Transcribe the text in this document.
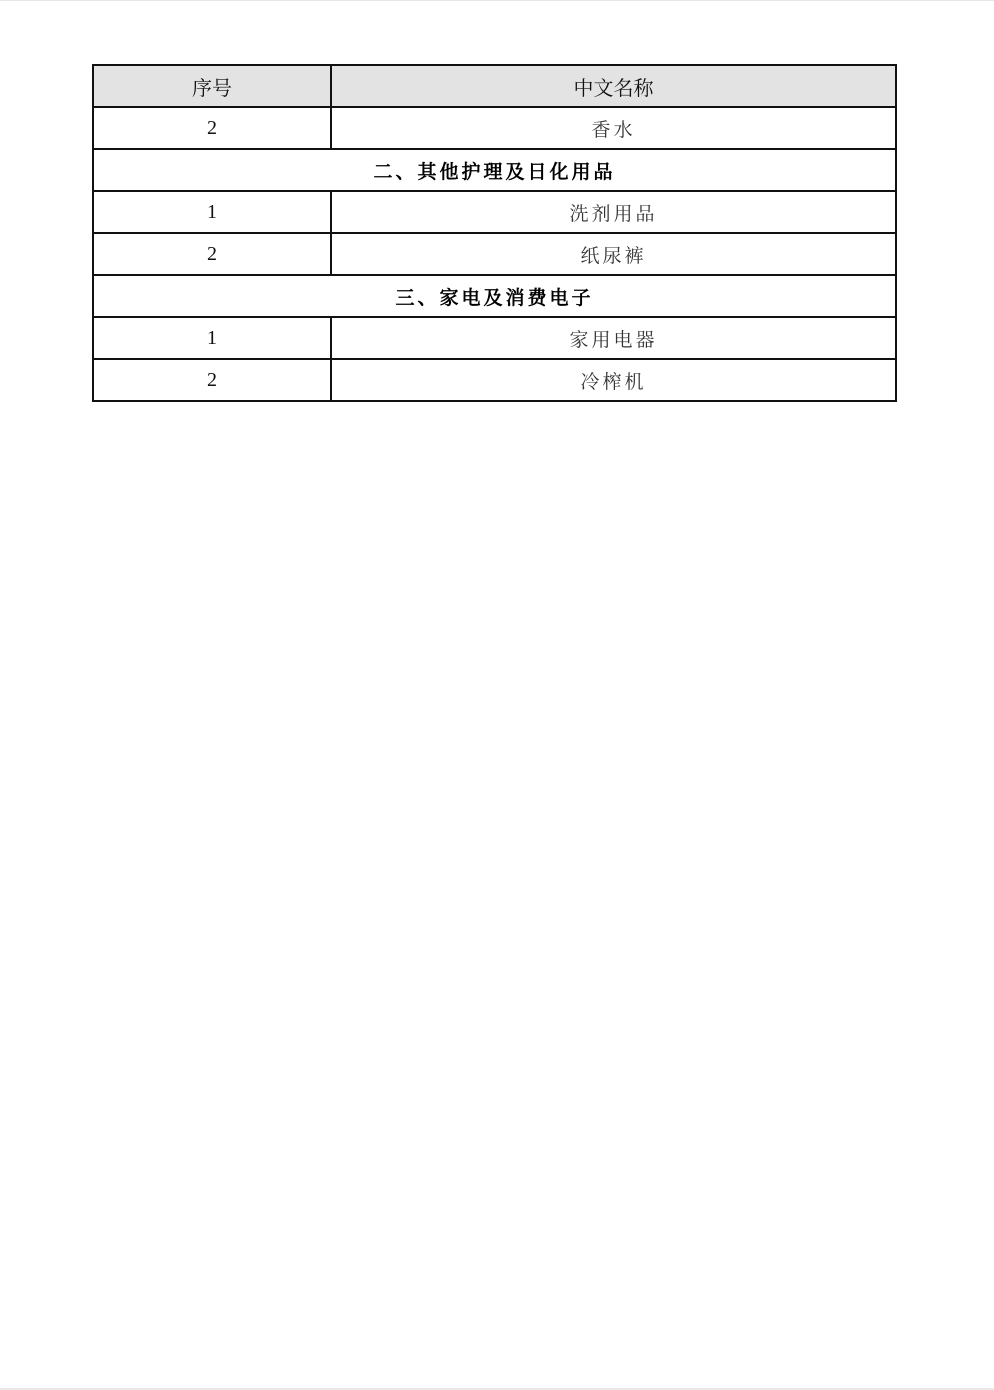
序号	中文名称
2	香水
二、其他护理及日化用品	
1	洗剂用品
2	纸尿裤
三、家电及消费电子	
1	家用电器
2	冷榨机
